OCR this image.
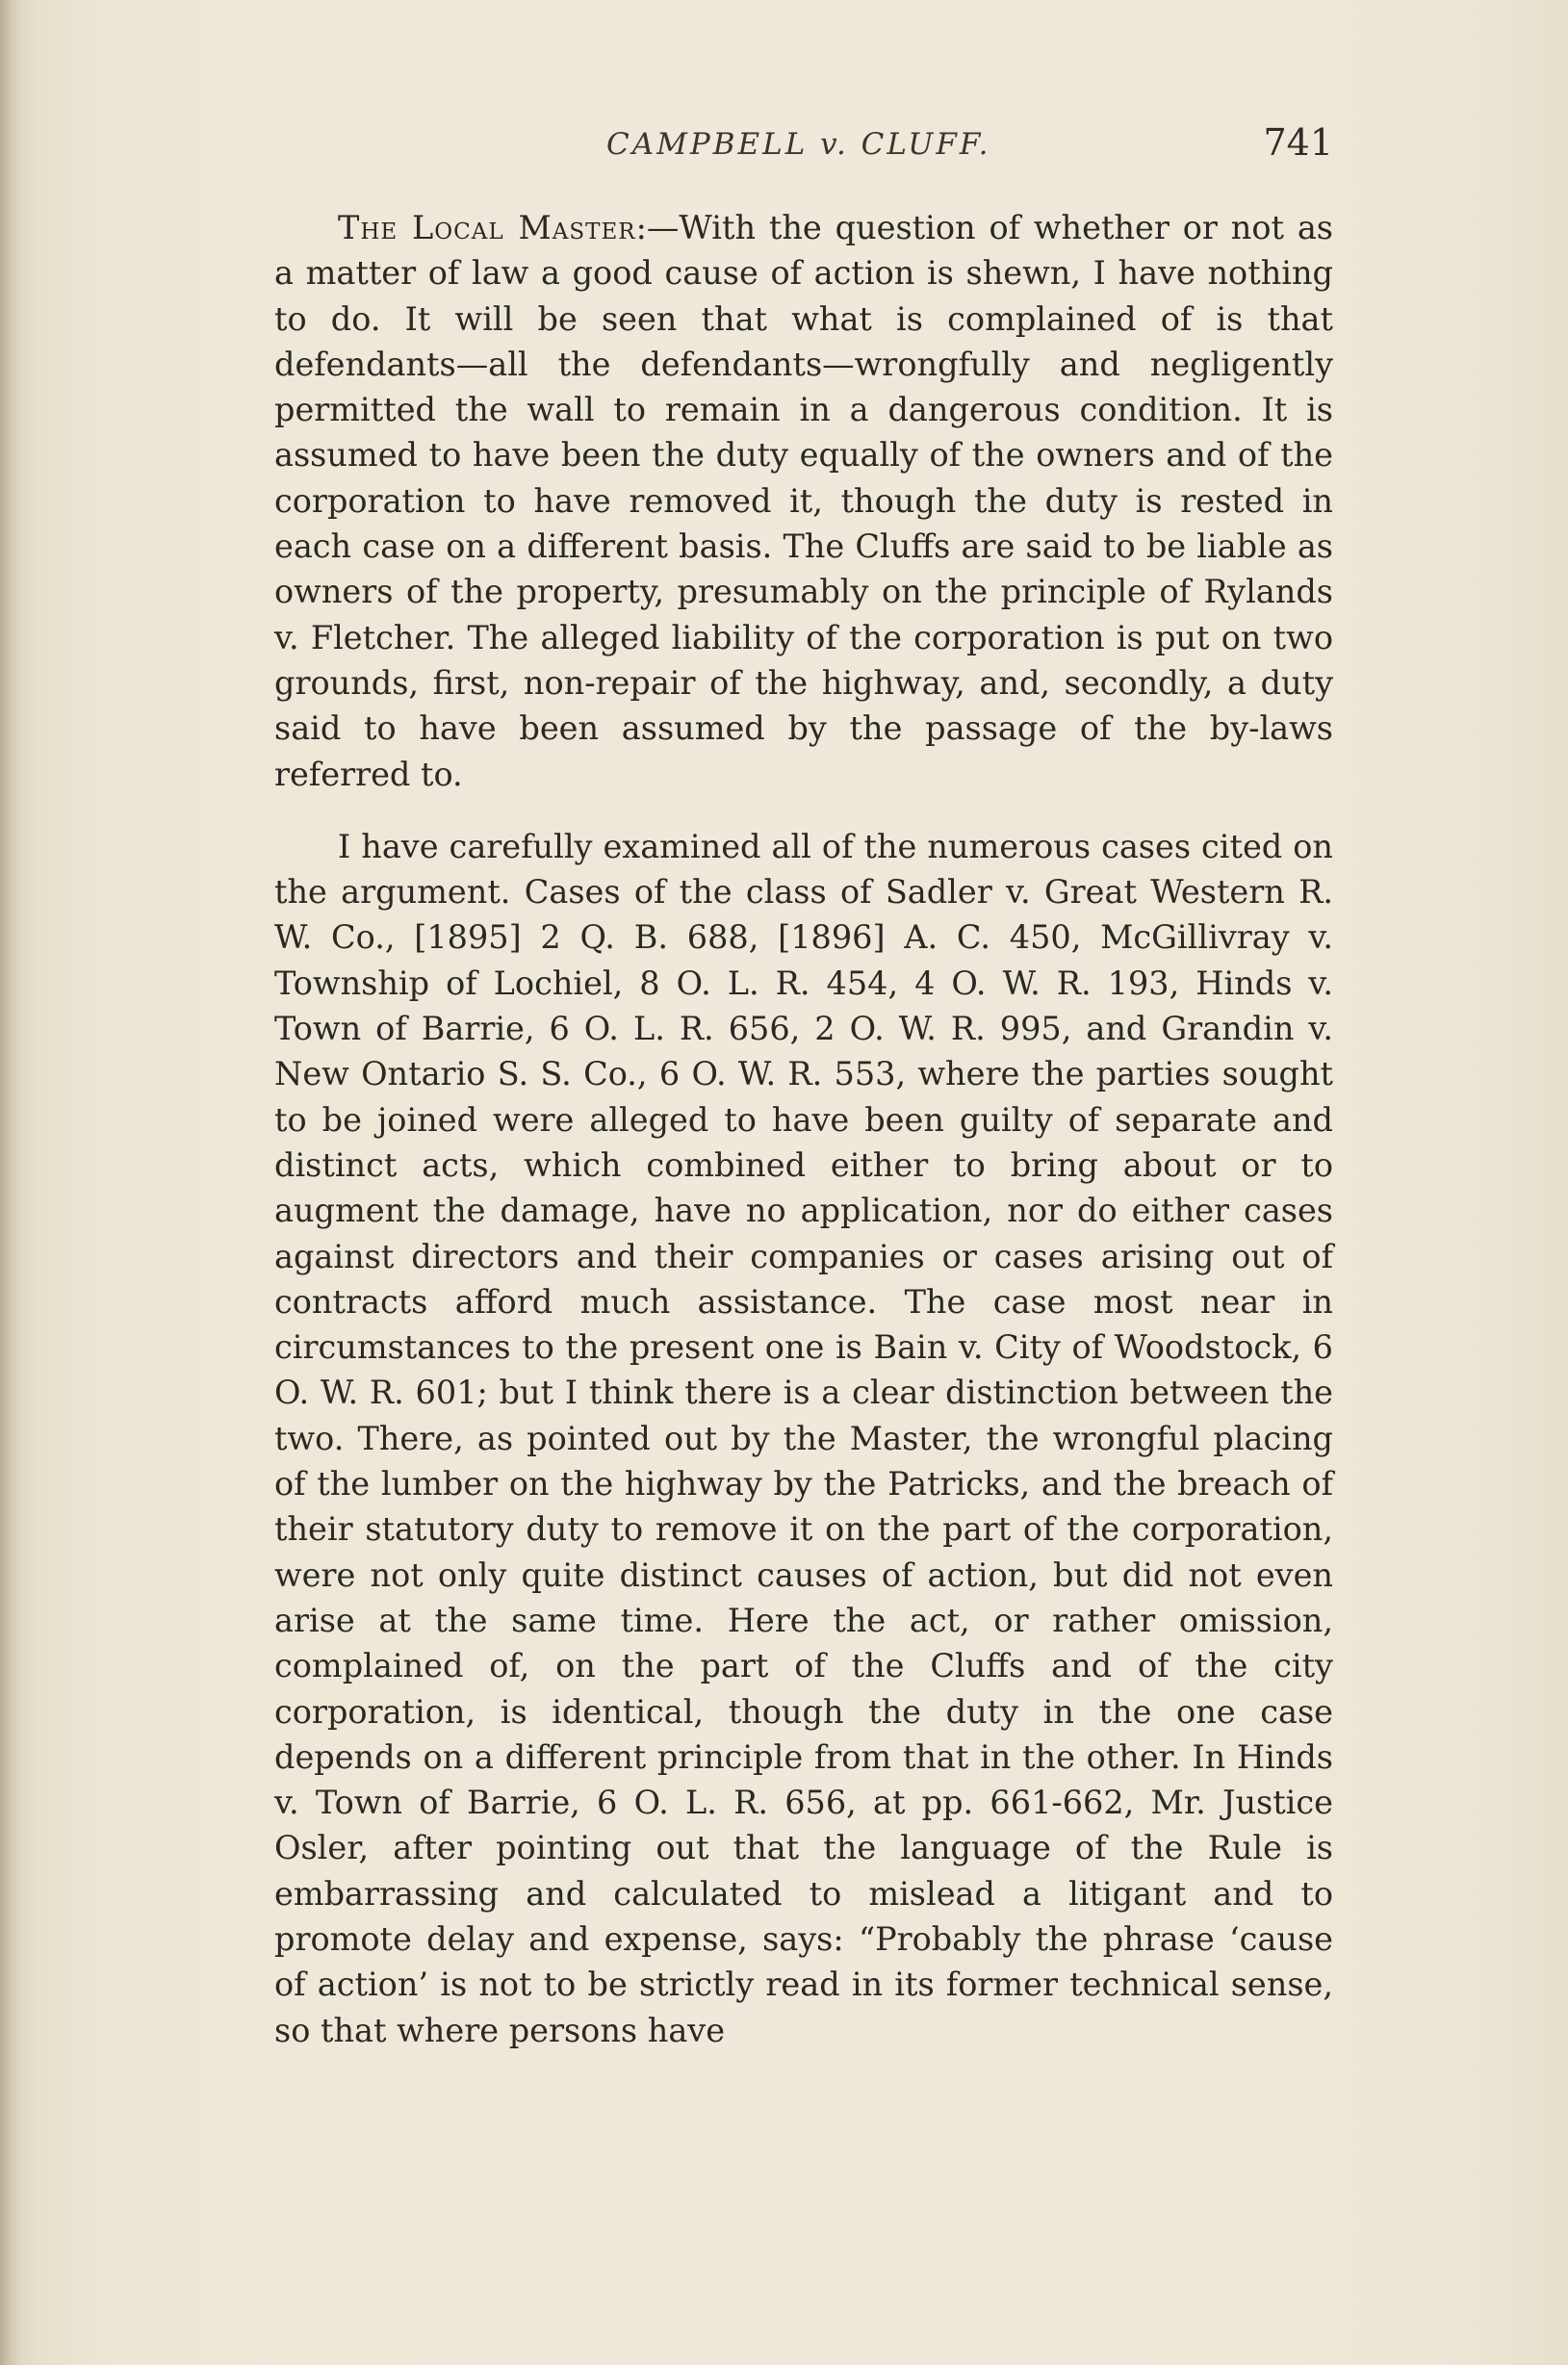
CAMPBELL v. CLUFF.	741

The Local Master:—With the question of whether or not as a matter of law a good cause of action is shewn, I have nothing to do. It will be seen that what is complained of is that defendants—all the defendants—wrongfully and negligently permitted the wall to remain in a dangerous condition. It is assumed to have been the duty equally of the owners and of the corporation to have removed it, though the duty is rested in each case on a different basis. The Cluffs are said to be liable as owners of the property, presumably on the principle of Rylands v. Fletcher. The alleged liability of the corporation is put on two grounds, first, non-repair of the highway, and, secondly, a duty said to have been assumed by the passage of the by-laws referred to.

I have carefully examined all of the numerous cases cited on the argument. Cases of the class of Sadler v. Great Western R. W. Co., [1895] 2 Q. B. 688, [1896] A. C. 450, McGillivray v. Township of Lochiel, 8 O. L. R. 454, 4 O. W. R. 193, Hinds v. Town of Barrie, 6 O. L. R. 656, 2 O. W. R. 995, and Grandin v. New Ontario S. S. Co., 6 O. W. R. 553, where the parties sought to be joined were alleged to have been guilty of separate and distinct acts, which combined either to bring about or to augment the damage, have no application, nor do either cases against directors and their companies or cases arising out of contracts afford much assistance. The case most near in circumstances to the present one is Bain v. City of Woodstock, 6 O. W. R. 601; but I think there is a clear distinction between the two. There, as pointed out by the Master, the wrongful placing of the lumber on the highway by the Patricks, and the breach of their statutory duty to remove it on the part of the corporation, were not only quite distinct causes of action, but did not even arise at the same time. Here the act, or rather omission, complained of, on the part of the Cluffs and of the city corporation, is identical, though the duty in the one case depends on a different principle from that in the other. In Hinds v. Town of Barrie, 6 O. L. R. 656, at pp. 661-662, Mr. Justice Osler, after pointing out that the language of the Rule is embarrassing and calculated to mislead a litigant and to promote delay and expense, says: “Probably the phrase ‘cause of action’ is not to be strictly read in its former technical sense, so that where persons have
